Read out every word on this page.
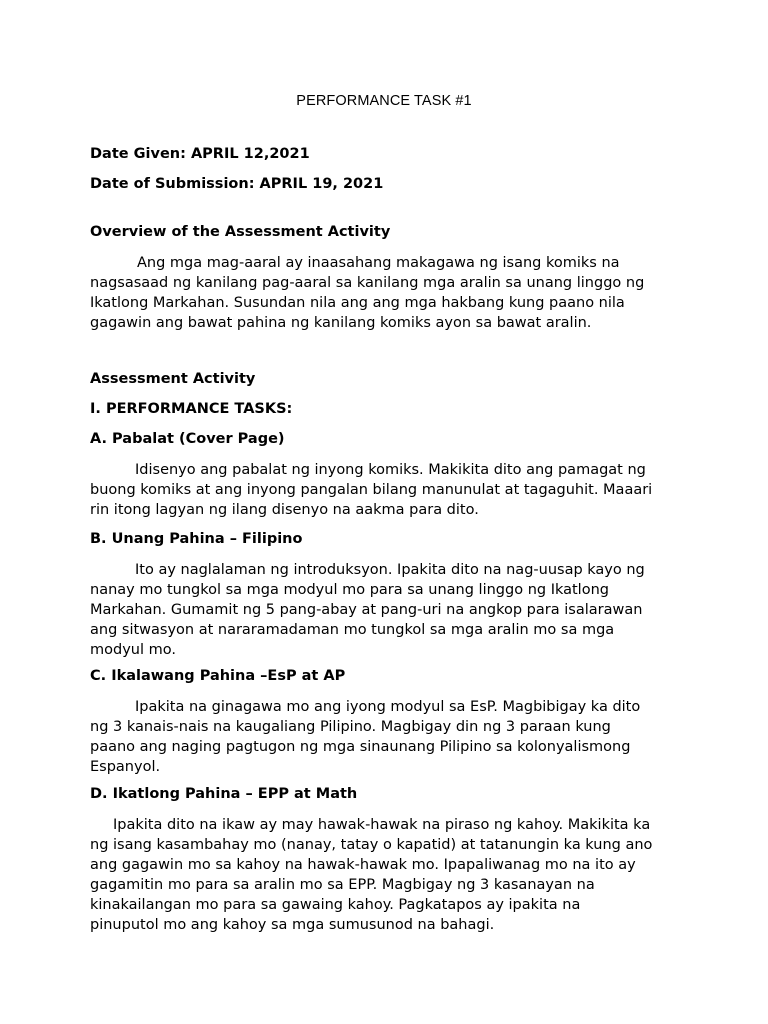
PERFORMANCE TASK #1

Date Given: APRIL 12,2021

Date of Submission: APRIL 19, 2021

Overview of the Assessment Activity

Ang mga mag-aaral ay inaasahang makagawa ng isang komiks na
nagsasaad ng kanilang pag-aaral sa kanilang mga aralin sa unang linggo ng
Ikatlong Markahan. Susundan nila ang ang mga hakbang kung paano nila
gagawin ang bawat pahina ng kanilang komiks ayon sa bawat aralin.

Assessment Activity

I. PERFORMANCE TASKS:

A. Pabalat (Cover Page)

Idisenyo ang pabalat ng inyong komiks. Makikita dito ang pamagat ng
buong komiks at ang inyong pangalan bilang manunulat at tagaguhit. Maaari
rin itong lagyan ng ilang disenyo na aakma para dito.

B. Unang Pahina – Filipino

Ito ay naglalaman ng introduksyon. Ipakita dito na nag-uusap kayo ng
nanay mo tungkol sa mga modyul mo para sa unang linggo ng Ikatlong
Markahan. Gumamit ng 5 pang-abay at pang-uri na angkop para isalarawan
ang sitwasyon at nararamadaman mo tungkol sa mga aralin mo sa mga
modyul mo.

C. Ikalawang Pahina –EsP at AP

Ipakita na ginagawa mo ang iyong modyul sa EsP. Magbibigay ka dito
ng 3 kanais-nais na kaugaliang Pilipino. Magbigay din ng 3 paraan kung
paano ang naging pagtugon ng mga sinaunang Pilipino sa kolonyalismong
Espanyol.

D. Ikatlong Pahina – EPP at Math

Ipakita dito na ikaw ay may hawak-hawak na piraso ng kahoy. Makikita ka
ng isang kasambahay mo (nanay, tatay o kapatid) at tatanungin ka kung ano
ang gagawin mo sa kahoy na hawak-hawak mo. Ipapaliwanag mo na ito ay
gagamitin mo para sa aralin mo sa EPP. Magbigay ng 3 kasanayan na
kinakailangan mo para sa gawaing kahoy. Pagkatapos ay ipakita na
pinuputol mo ang kahoy sa mga sumusunod na bahagi.
